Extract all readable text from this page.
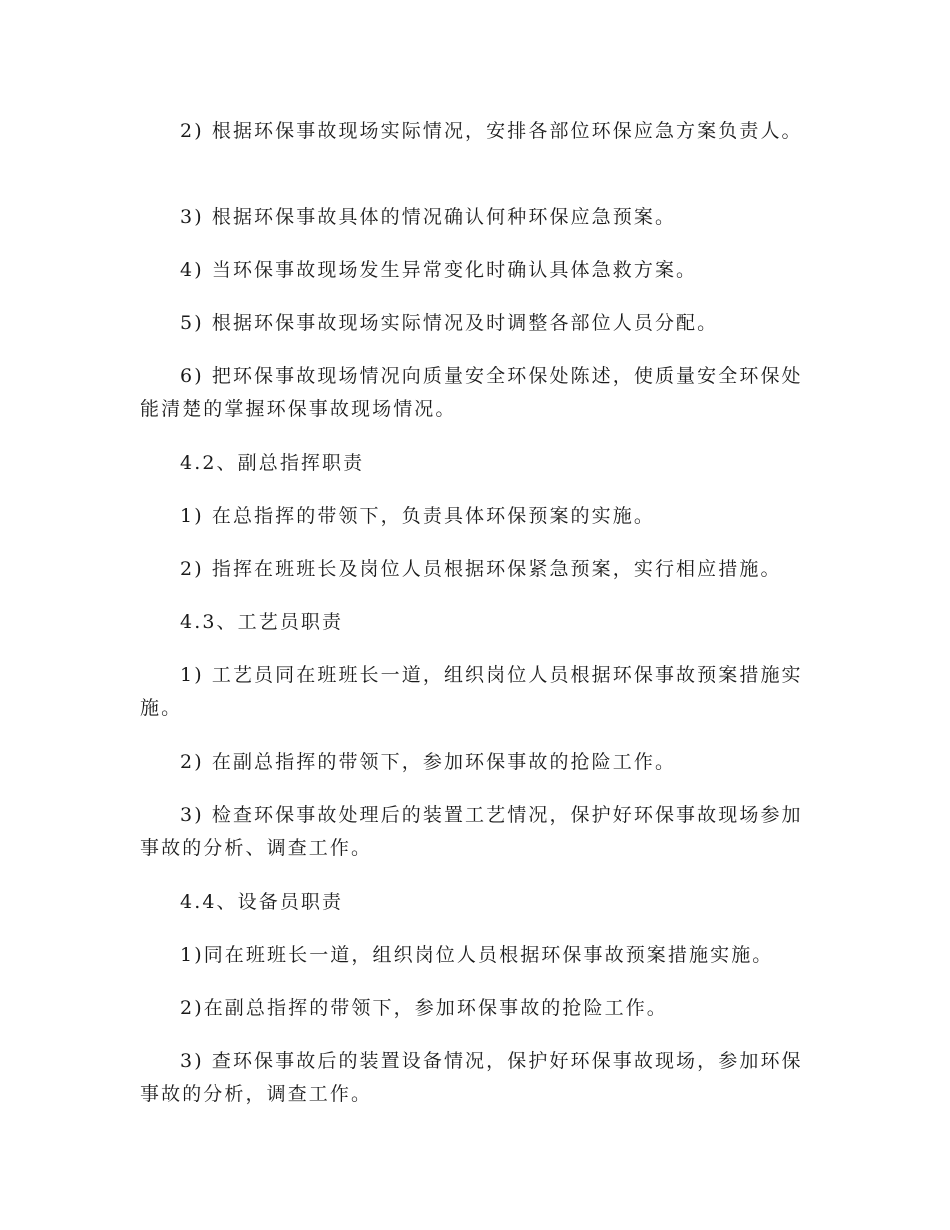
2) 根据环保事故现场实际情况，安排各部位环保应急方案负责人。

3) 根据环保事故具体的情况确认何种环保应急预案。

4) 当环保事故现场发生异常变化时确认具体急救方案。

5) 根据环保事故现场实际情况及时调整各部位人员分配。

6) 把环保事故现场情况向质量安全环保处陈述，使质量安全环保处能清楚的掌握环保事故现场情况。

4.2、副总指挥职责

1) 在总指挥的带领下，负责具体环保预案的实施。

2) 指挥在班班长及岗位人员根据环保紧急预案，实行相应措施。

4.3、工艺员职责

1) 工艺员同在班班长一道，组织岗位人员根据环保事故预案措施实施。

2) 在副总指挥的带领下，参加环保事故的抢险工作。

3) 检查环保事故处理后的装置工艺情况，保护好环保事故现场参加事故的分析、调查工作。

4.4、设备员职责

1)同在班班长一道，组织岗位人员根据环保事故预案措施实施。

2)在副总指挥的带领下，参加环保事故的抢险工作。

3) 查环保事故后的装置设备情况，保护好环保事故现场，参加环保事故的分析，调查工作。
